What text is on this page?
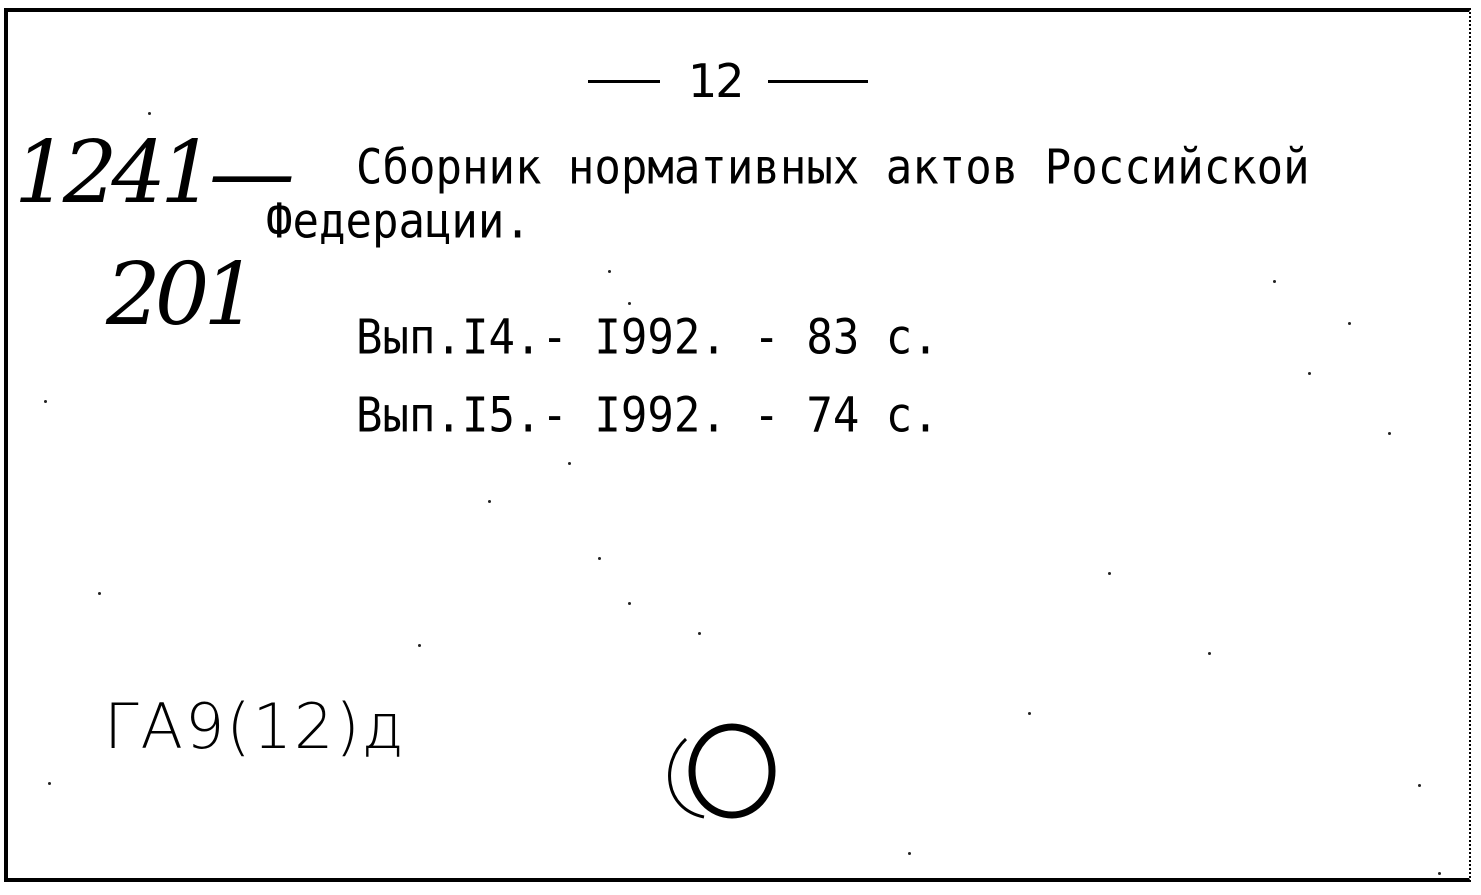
12
1241—
201
Сборник нормативных актов Российской
Федерации.
Вып.I4.- I992. - 83 с.
Вып.I5.- I992. - 74 с.
ГА9(12)д
